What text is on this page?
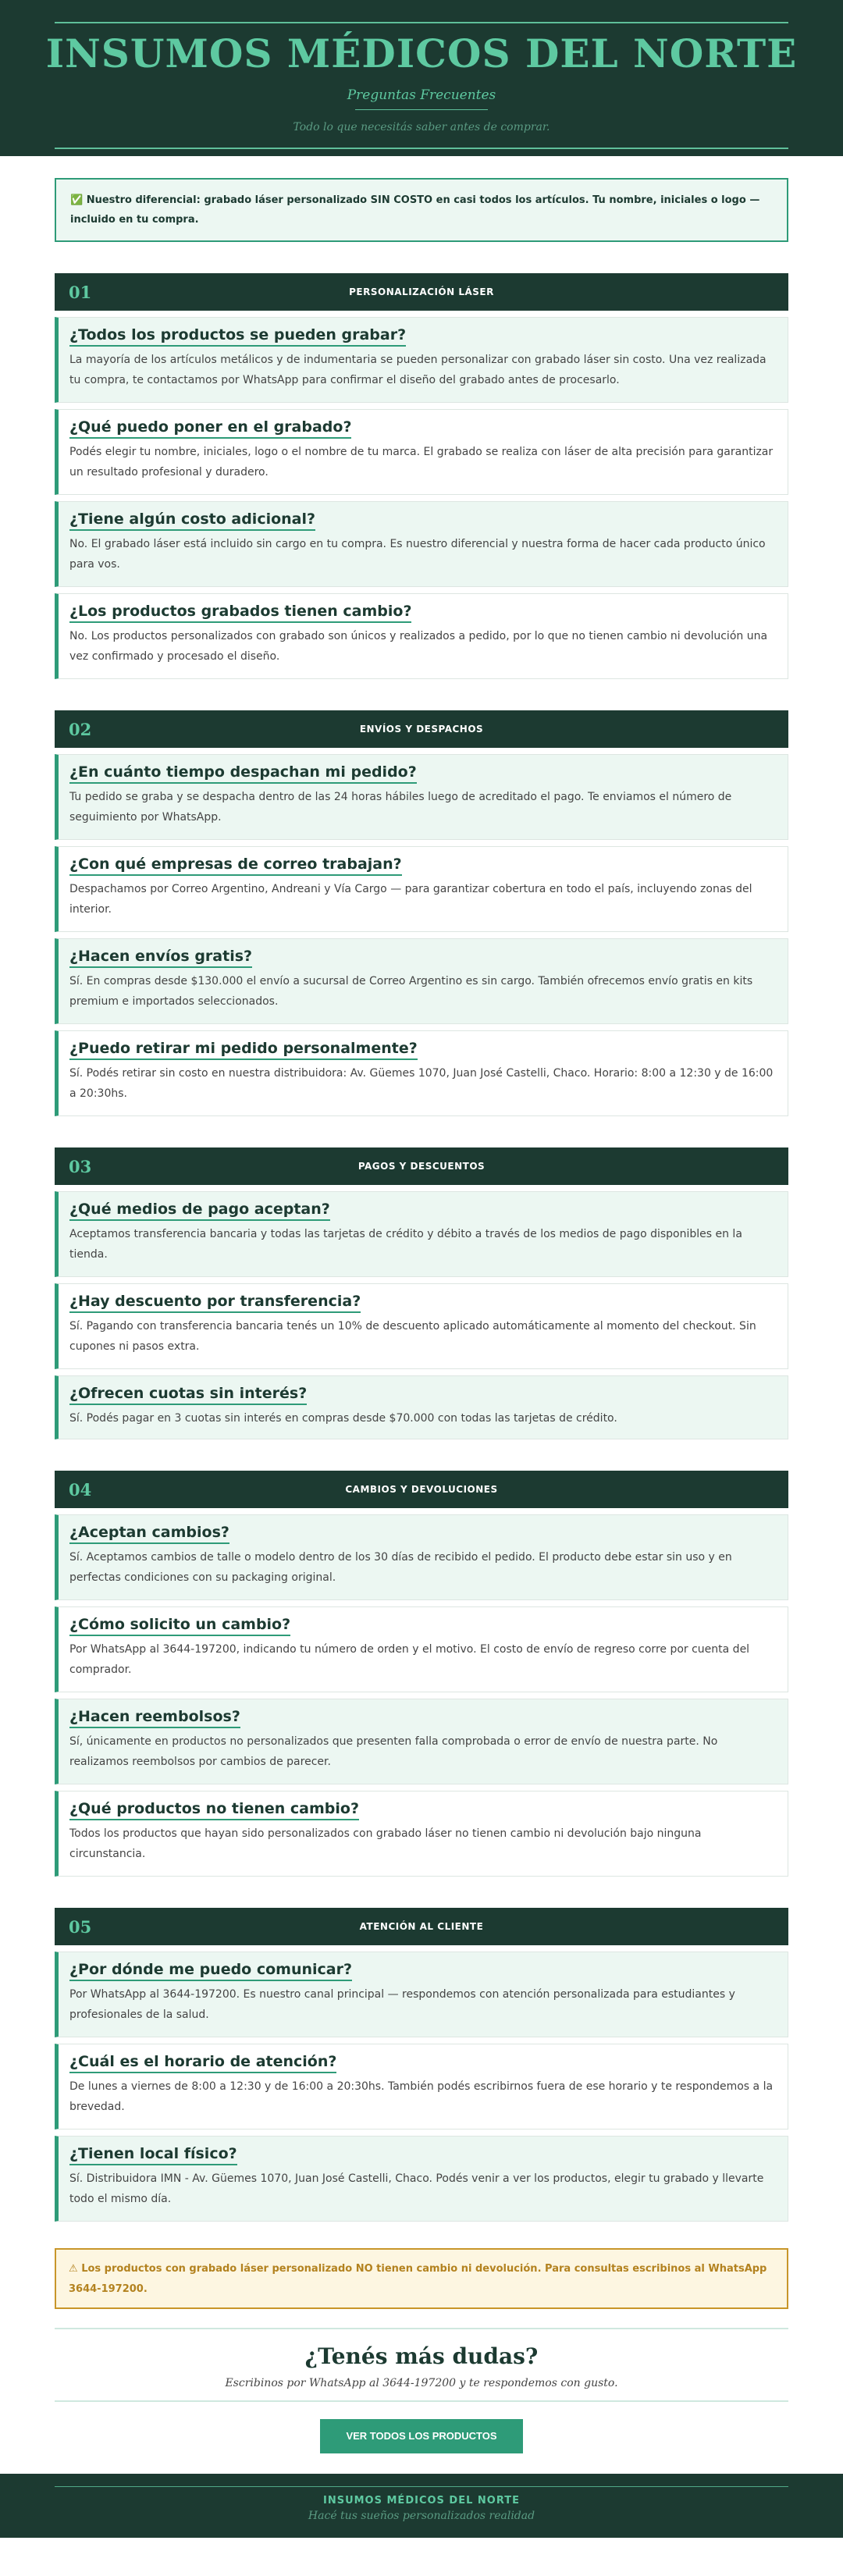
INSUMOS MÉDICOS DEL NORTE
Preguntas Frecuentes
Todo lo que necesitás saber antes de comprar.
✅ Nuestro diferencial: grabado láser personalizado SIN COSTO en casi todos los artículos. Tu nombre, iniciales o logo — incluido en tu compra.
01	PERSONALIZACIÓN LÁSER
¿Todos los productos se pueden grabar?
La mayoría de los artículos metálicos y de indumentaria se pueden personalizar con grabado láser sin costo. Una vez realizada tu compra, te contactamos por WhatsApp para confirmar el diseño del grabado antes de procesarlo.
¿Qué puedo poner en el grabado?
Podés elegir tu nombre, iniciales, logo o el nombre de tu marca. El grabado se realiza con láser de alta precisión para garantizar un resultado profesional y duradero.
¿Tiene algún costo adicional?
No. El grabado láser está incluido sin cargo en tu compra. Es nuestro diferencial y nuestra forma de hacer cada producto único para vos.
¿Los productos grabados tienen cambio?
No. Los productos personalizados con grabado son únicos y realizados a pedido, por lo que no tienen cambio ni devolución una vez confirmado y procesado el diseño.
02	ENVÍOS Y DESPACHOS
¿En cuánto tiempo despachan mi pedido?
Tu pedido se graba y se despacha dentro de las 24 horas hábiles luego de acreditado el pago. Te enviamos el número de seguimiento por WhatsApp.
¿Con qué empresas de correo trabajan?
Despachamos por Correo Argentino, Andreani y Vía Cargo — para garantizar cobertura en todo el país, incluyendo zonas del interior.
¿Hacen envíos gratis?
Sí. En compras desde $130.000 el envío a sucursal de Correo Argentino es sin cargo. También ofrecemos envío gratis en kits premium e importados seleccionados.
¿Puedo retirar mi pedido personalmente?
Sí. Podés retirar sin costo en nuestra distribuidora: Av. Güemes 1070, Juan José Castelli, Chaco. Horario: 8:00 a 12:30 y de 16:00 a 20:30hs.
03	PAGOS Y DESCUENTOS
¿Qué medios de pago aceptan?
Aceptamos transferencia bancaria y todas las tarjetas de crédito y débito a través de los medios de pago disponibles en la tienda.
¿Hay descuento por transferencia?
Sí. Pagando con transferencia bancaria tenés un 10% de descuento aplicado automáticamente al momento del checkout. Sin cupones ni pasos extra.
¿Ofrecen cuotas sin interés?
Sí. Podés pagar en 3 cuotas sin interés en compras desde $70.000 con todas las tarjetas de crédito.
04	CAMBIOS Y DEVOLUCIONES
¿Aceptan cambios?
Sí. Aceptamos cambios de talle o modelo dentro de los 30 días de recibido el pedido. El producto debe estar sin uso y en perfectas condiciones con su packaging original.
¿Cómo solicito un cambio?
Por WhatsApp al 3644-197200, indicando tu número de orden y el motivo. El costo de envío de regreso corre por cuenta del comprador.
¿Hacen reembolsos?
Sí, únicamente en productos no personalizados que presenten falla comprobada o error de envío de nuestra parte. No realizamos reembolsos por cambios de parecer.
¿Qué productos no tienen cambio?
Todos los productos que hayan sido personalizados con grabado láser no tienen cambio ni devolución bajo ninguna circunstancia.
05	ATENCIÓN AL CLIENTE
¿Por dónde me puedo comunicar?
Por WhatsApp al 3644-197200. Es nuestro canal principal — respondemos con atención personalizada para estudiantes y profesionales de la salud.
¿Cuál es el horario de atención?
De lunes a viernes de 8:00 a 12:30 y de 16:00 a 20:30hs. También podés escribirnos fuera de ese horario y te respondemos a la brevedad.
¿Tienen local físico?
Sí. Distribuidora IMN - Av. Güemes 1070, Juan José Castelli, Chaco. Podés venir a ver los productos, elegir tu grabado y llevarte todo el mismo día.
⚠ Los productos con grabado láser personalizado NO tienen cambio ni devolución. Para consultas escribinos al WhatsApp 3644-197200.
¿Tenés más dudas?
Escribinos por WhatsApp al 3644-197200 y te respondemos con gusto.
VER TODOS LOS PRODUCTOS
INSUMOS MÉDICOS DEL NORTE
Hacé tus sueños personalizados realidad
